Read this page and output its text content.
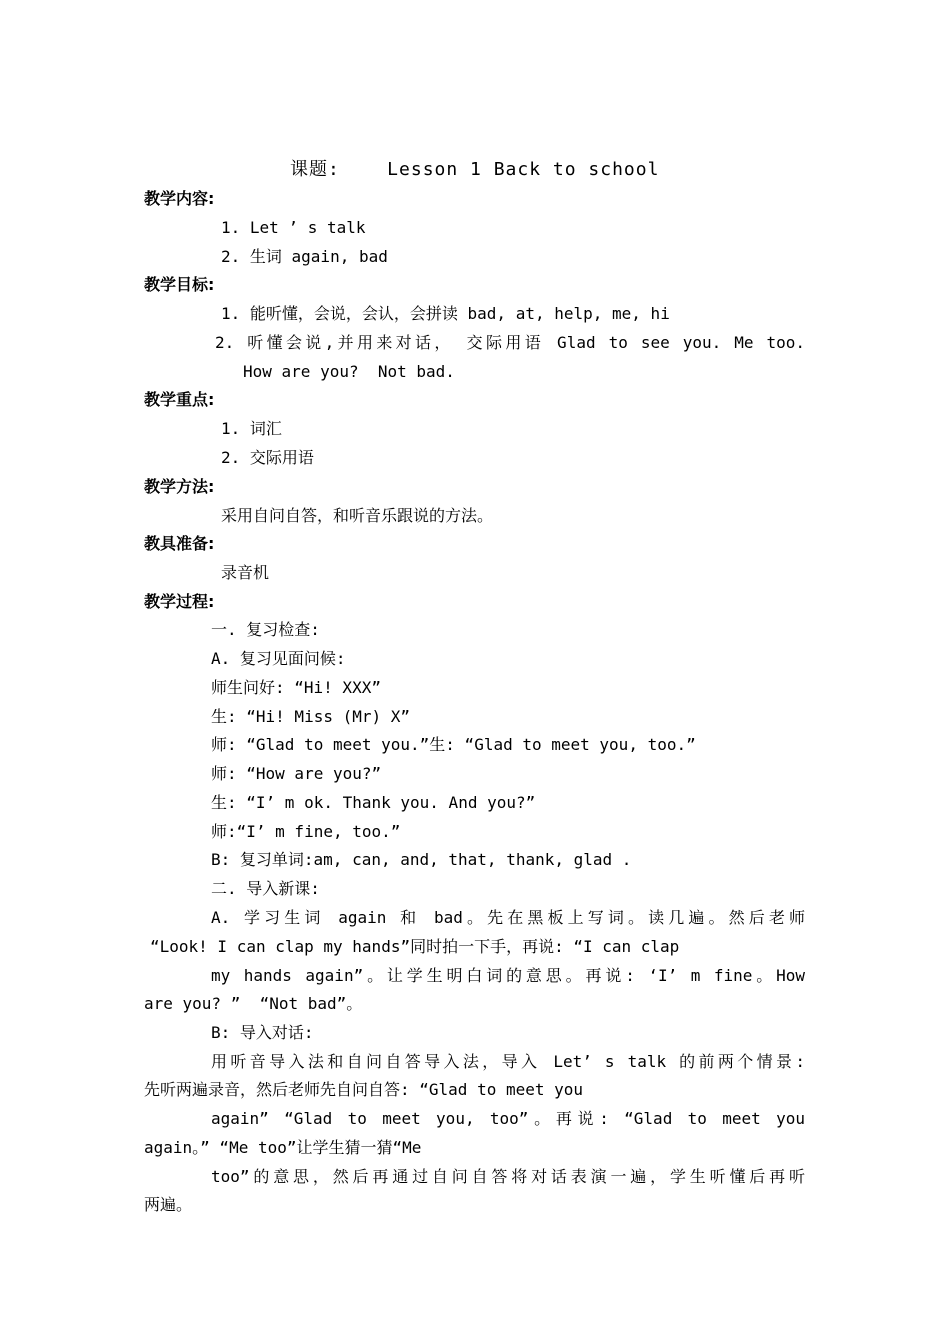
课题:    Lesson 1 Back to school
教学内容:
1. Let ’ s talk
2. 生词 again, bad
教学目标:
1. 能听懂，会说，会认，会拼读 bad, at, help, me, hi
2. 听懂会说,并用来对话， 交际用语 Glad to see you. Me too.
How are you?  Not bad.
教学重点:
1. 词汇
2. 交际用语
教学方法:
采用自问自答，和听音乐跟说的方法。
教具准备:
录音机
教学过程:
一. 复习检查:
A. 复习见面问候:
师生问好: “Hi! XXX”
生: “Hi! Miss (Mr) X”
师: “Glad to meet you.”生: “Glad to meet you, too.”
师: “How are you?”
生: “I’ m ok. Thank you. And you?”
师:“I’ m fine, too.”
B: 复习单词:am, can, and, that, thank, glad .
二. 导入新课:
A. 学习生词 again 和 bad。先在黑板上写词。读几遍。然后老师
“Look! I can clap my hands”同时拍一下手，再说: “I can clap
my hands again”。让学生明白词的意思。再说: ‘I’ m fine。How
are you? ”  “Not bad”。
B: 导入对话:
用听音导入法和自问自答导入法，导入 Let’ s talk 的前两个情景:
先听两遍录音，然后老师先自问自答: “Glad to meet you
again” “Glad to meet you, too”。再说: “Glad to meet you
again。” “Me too”让学生猜一猜“Me
too”的意思，然后再通过自问自答将对话表演一遍，学生听懂后再听
两遍。
